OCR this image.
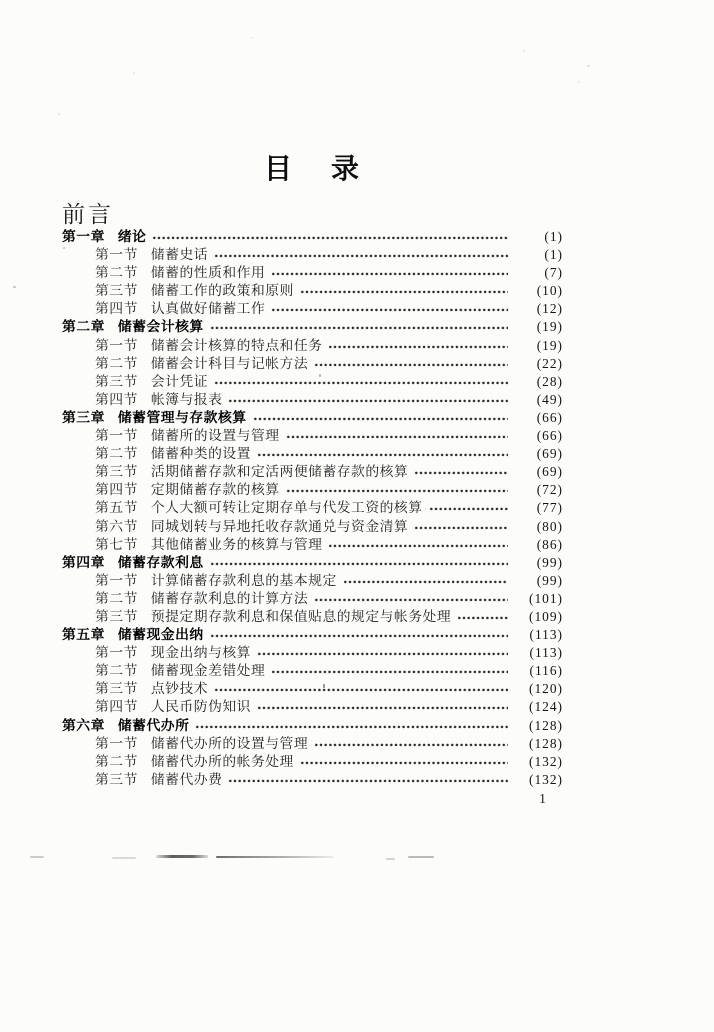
目 录
前言
第一章 绪论	(1)
第一节 储蓄史话	(1)
第二节 储蓄的性质和作用	(7)
第三节 储蓄工作的政策和原则	(10)
第四节 认真做好储蓄工作	(12)
第二章 储蓄会计核算	(19)
第一节 储蓄会计核算的特点和任务	(19)
第二节 储蓄会计科目与记帐方法	(22)
第三节 会计凭证	(28)
第四节 帐簿与报表	(49)
第三章 储蓄管理与存款核算	(66)
第一节 储蓄所的设置与管理	(66)
第二节 储蓄种类的设置	(69)
第三节 活期储蓄存款和定活两便储蓄存款的核算	(69)
第四节 定期储蓄存款的核算	(72)
第五节 个人大额可转让定期存单与代发工资的核算	(77)
第六节 同城划转与异地托收存款通兑与资金清算	(80)
第七节 其他储蓄业务的核算与管理	(86)
第四章 储蓄存款利息	(99)
第一节 计算储蓄存款利息的基本规定	(99)
第二节 储蓄存款利息的计算方法	(101)
第三节 预提定期存款利息和保值贴息的规定与帐务处理	(109)
第五章 储蓄现金出纳	(113)
第一节 现金出纳与核算	(113)
第二节 储蓄现金差错处理	(116)
第三节 点钞技术	(120)
第四节 人民币防伪知识	(124)
第六章 储蓄代办所	(128)
第一节 储蓄代办所的设置与管理	(128)
第二节 储蓄代办所的帐务处理	(132)
第三节 储蓄代办费	(132)
1
